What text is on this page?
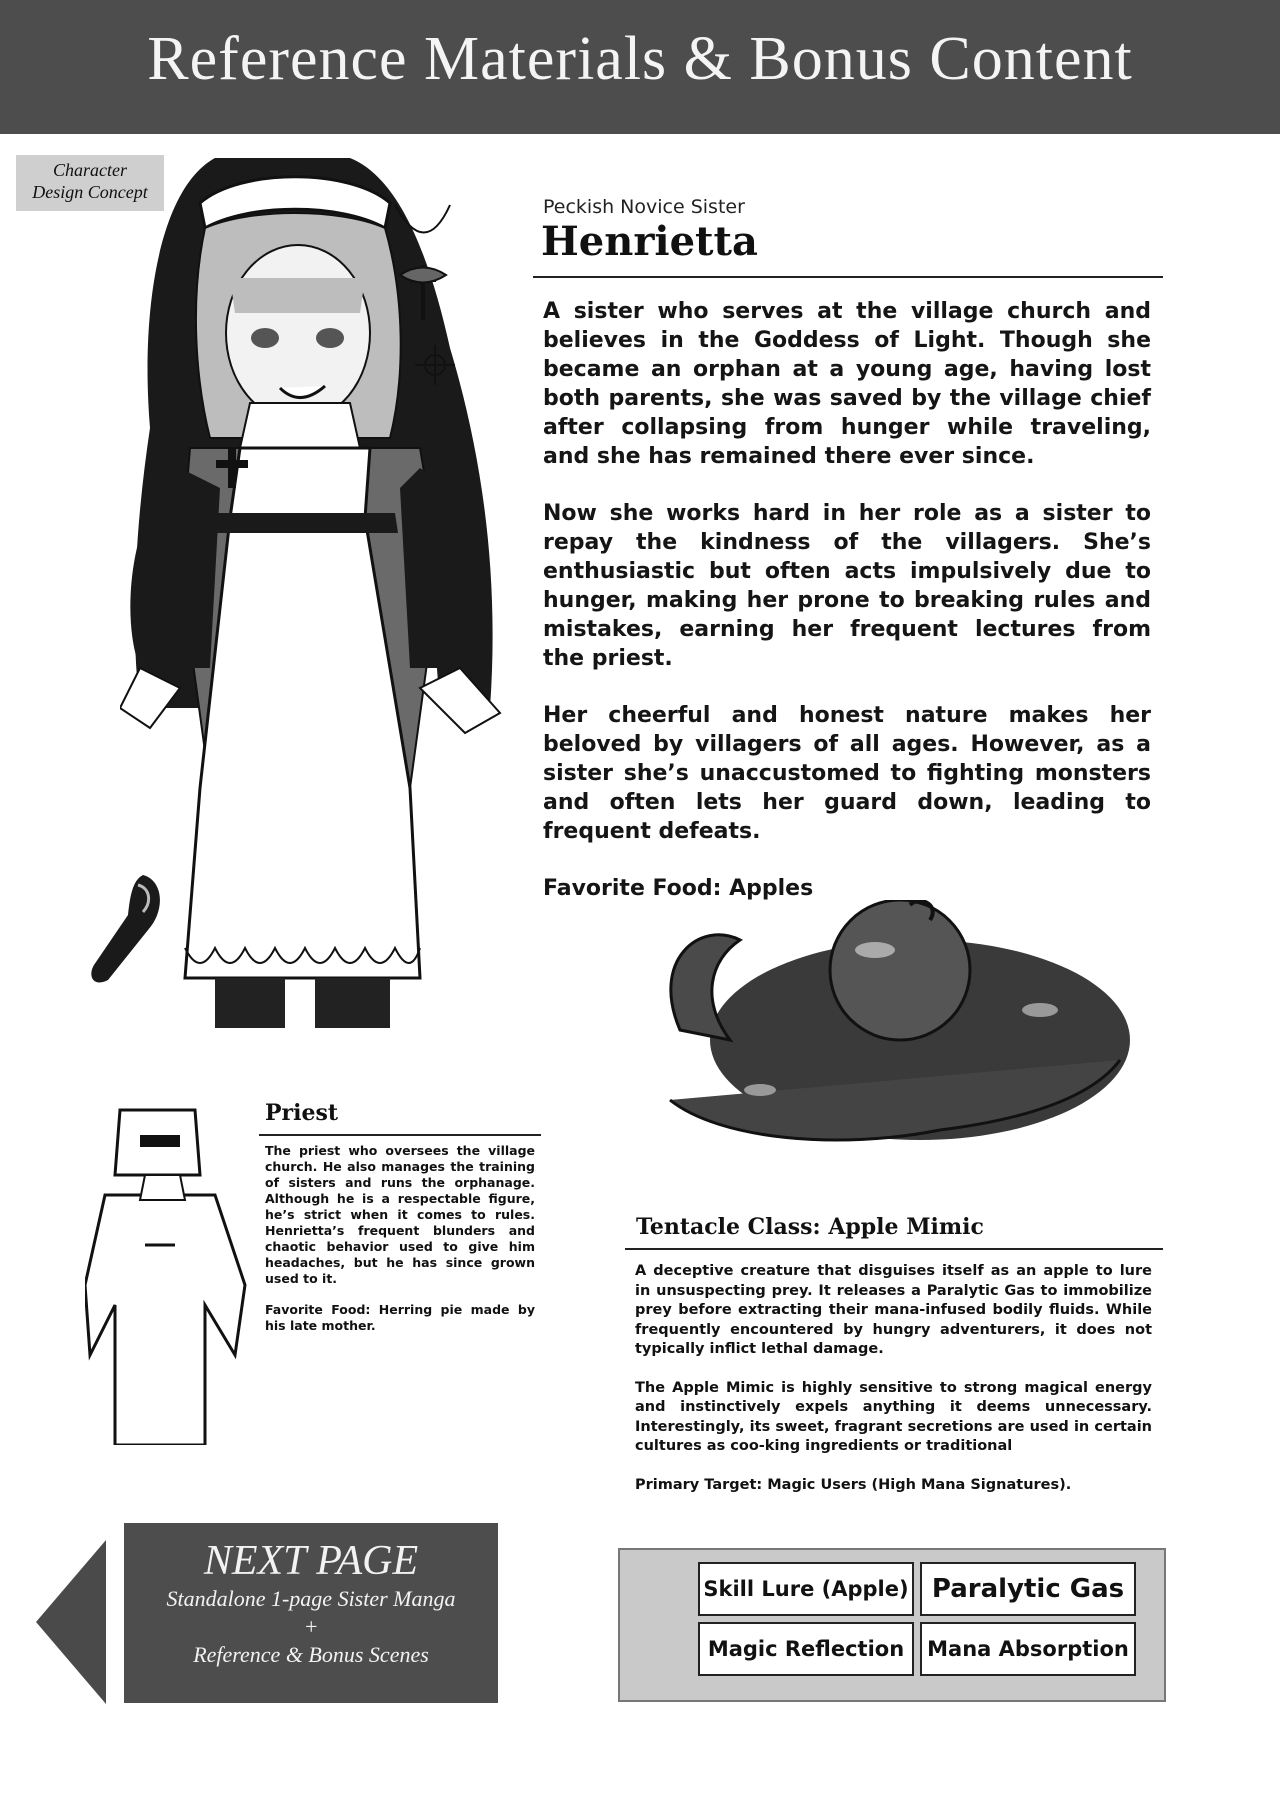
Reference Materials & Bonus Content
Character
Design Concept
Peckish Novice Sister
Henrietta

A sister who serves at the village church and believes in the Goddess of Light. Though she became an orphan at a young age, having lost both parents, she was saved by the village chief after collapsing from hunger while traveling, and she has remained there ever since.

Now she works hard in her role as a sister to repay the kindness of the villagers. She’s enthusiastic but often acts impulsively due to hunger, making her prone to breaking rules and mistakes, earning her frequent lectures from the priest.

Her cheerful and honest nature makes her beloved by villagers of all ages. However, as a sister she’s unaccustomed to fighting monsters and often lets her guard down, leading to frequent defeats.

Favorite Food: Apples

Priest

The priest who oversees the village church. He also manages the training of sisters and runs the orphanage. Although he is a respectable figure, he’s strict when it comes to rules. Henrietta’s frequent blunders and chaotic behavior used to give him headaches, but he has since grown used to it.

Favorite Food: Herring pie made by his late mother.

Tentacle Class: Apple Mimic

A deceptive creature that disguises itself as an apple to lure in unsuspecting prey. It releases a Paralytic Gas to immobilize prey before extracting their mana-infused bodily fluids. While frequently encountered by hungry adventurers, it does not typically inflict lethal damage.

The Apple Mimic is highly sensitive to strong magical energy and instinctively expels anything it deems unnecessary. Interestingly, its sweet, fragrant secretions are used in certain cultures as coo-king ingredients or traditional

Primary Target: Magic Users (High Mana Signatures).

NEXT PAGE
Standalone 1-page Sister Manga
+
Reference & Bonus Scenes
Skill Lure (Apple) Paralytic Gas
Magic Reflection	Mana Absorption
